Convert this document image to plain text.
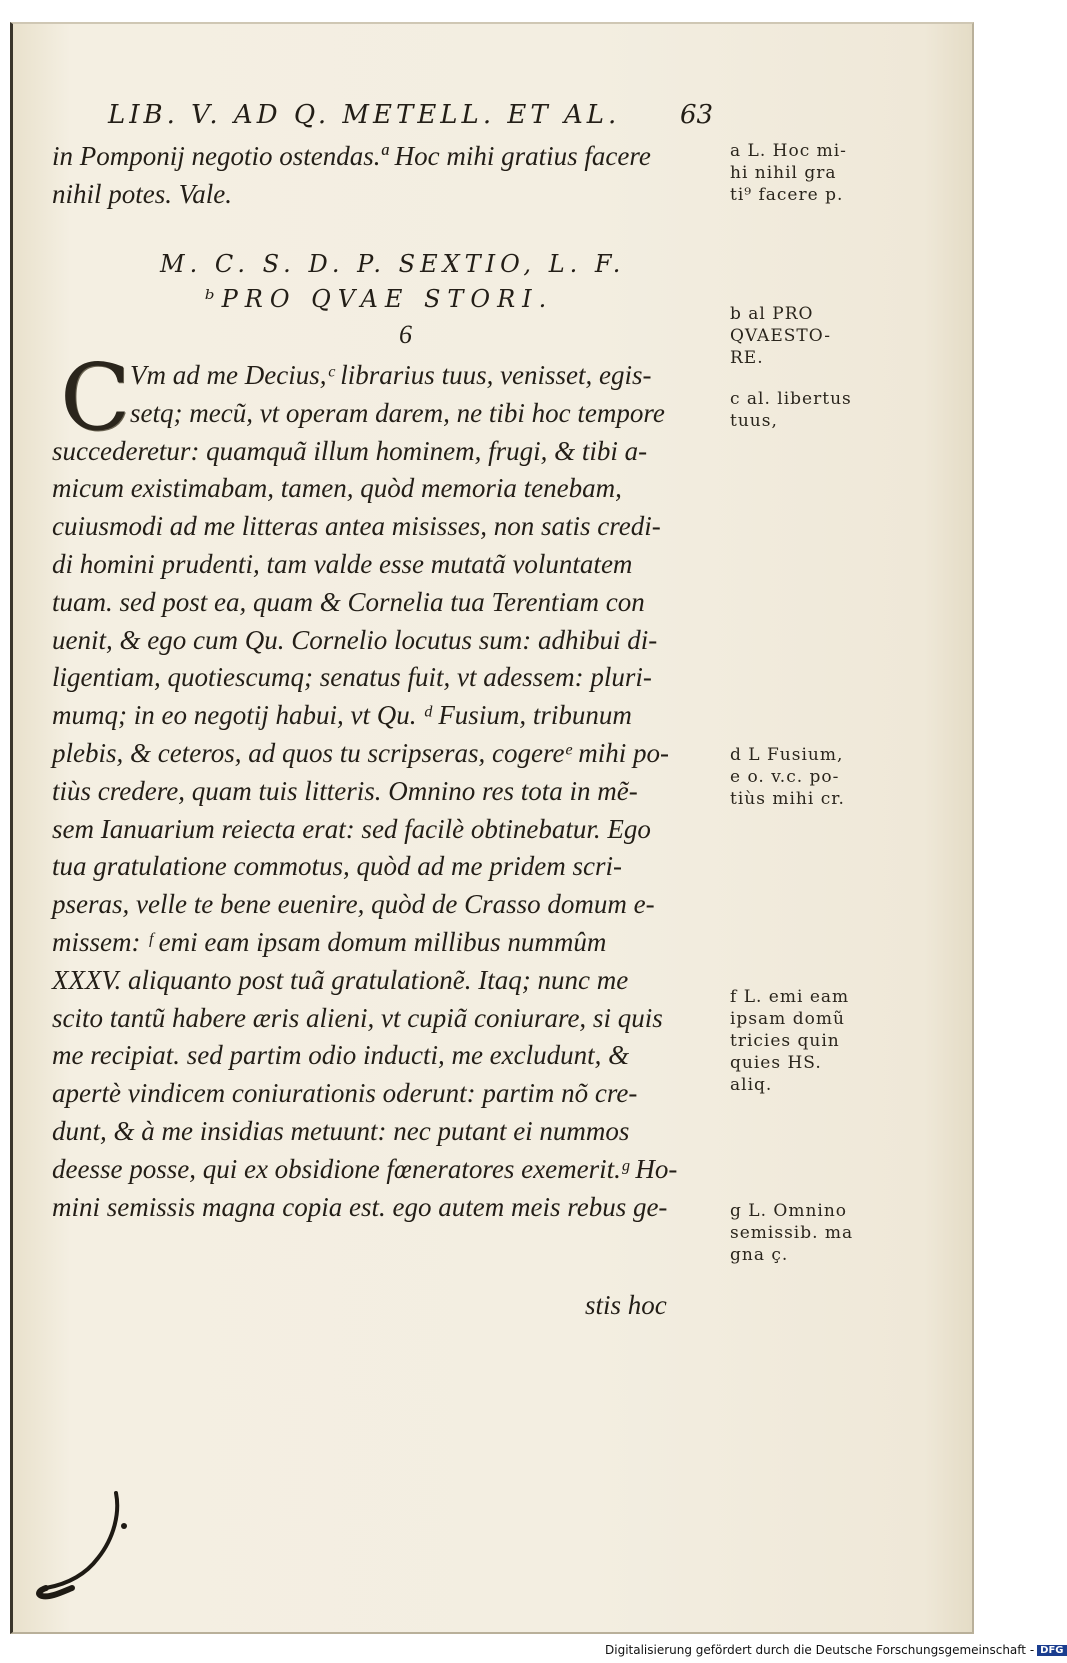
LIB. V. AD Q. METELL. ET AL. 63
in Pomponij negotio ostendas.ª Hoc mihi gratius facere
nihil potes. Vale.
M. C. S. D. P. SEXTIO, L. F.
ᵇPRO QVAE STORI.
6
C Vm ad me Decius,ᶜ librarius tuus, venisset, egis-
setq; mecũ, vt operam darem, ne tibi hoc tempore
succederetur: quamquã illum hominem, frugi, & tibi a-
micum existimabam, tamen, quòd memoria tenebam,
cuiusmodi ad me litteras antea misisses, non satis credi-
di homini prudenti, tam valde esse mutatã voluntatem
tuam. sed post ea, quam & Cornelia tua Terentiam con
uenit, & ego cum Qu. Cornelio locutus sum: adhibui di-
ligentiam, quotiescumq; senatus fuit, vt adessem: pluri-
mumq; in eo negotij habui, vt Qu. ᵈ Fusium, tribunum
plebis, & ceteros, ad quos tu scripseras, cogereᵉ mihi po-
tiùs credere, quam tuis litteris. Omnino res tota in mẽ-
sem Ianuarium reiecta erat: sed facilè obtinebatur. Ego
tua gratulatione commotus, quòd ad me pridem scri-
pseras, velle te bene euenire, quòd de Crasso domum e-
missem: ᶠ emi eam ipsam domum millibus nummûm
XXXV. aliquanto post tuã gratulationẽ. Itaq; nunc me
scito tantũ habere æris alieni, vt cupiã coniurare, si quis
me recipiat. sed partim odio inducti, me excludunt, &
apertè vindicem coniurationis oderunt: partim nõ cre-
dunt, & à me insidias metuunt: nec putant ei nummos
deesse posse, qui ex obsidione fœneratores exemerit.ᵍ Ho-
mini semissis magna copia est. ego autem meis rebus ge-
stis hoc
a L. Hoc mi-
hi nihil gra
ti⁹ facere p.
b al PRO
QVAESTO-
RE.
c al. libertus
tuus,
d L Fusium,
e o. v.c. po-
tiùs mihi cr.
f L. emi eam
ipsam domũ
tricies quin
quies HS.
aliq.
g L. Omnino
semissib. ma
gna ç.
Digitalisierung gefördert durch die Deutsche Forschungsgemeinschaft - DFG
